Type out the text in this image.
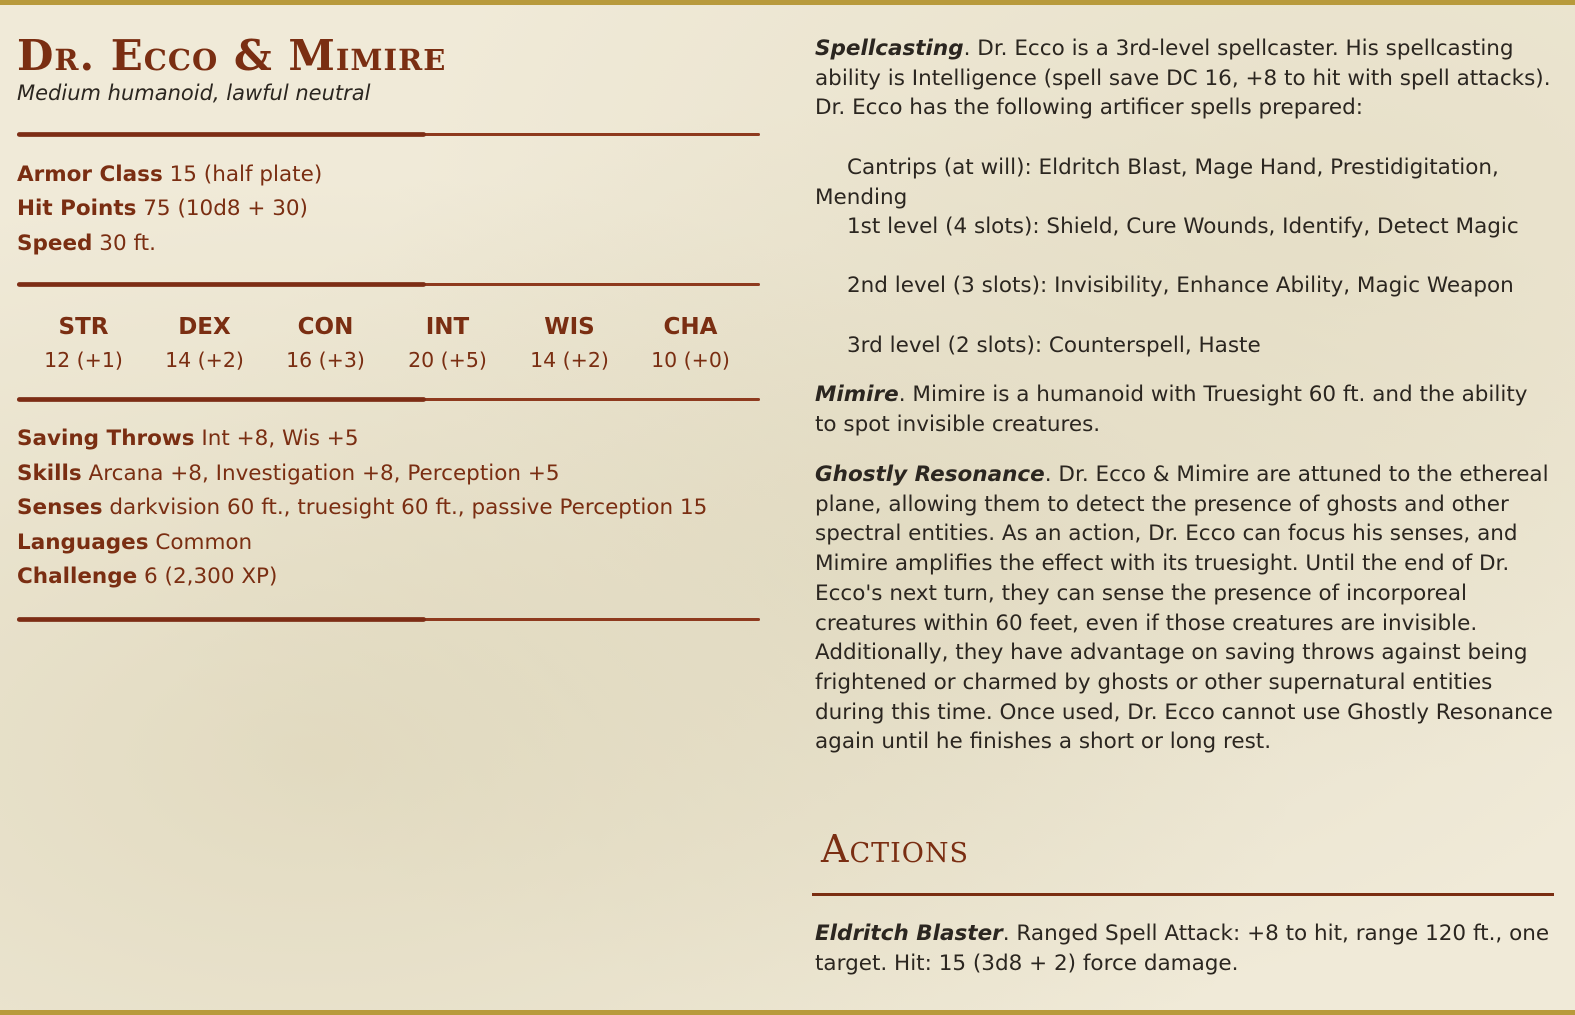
Dr. Ecco & Mimire
Medium humanoid, lawful neutral
Armor Class 15 (half plate)
Hit Points 75 (10d8 + 30)
Speed 30 ft.
STR
12 (+1)
DEX
14 (+2)
CON
16 (+3)
INT
20 (+5)
WIS
14 (+2)
CHA
10 (+0)
Saving Throws Int +8, Wis +5
Skills Arcana +8, Investigation +8, Perception +5
Senses darkvision 60 ft., truesight 60 ft., passive Perception 15
Languages Common
Challenge 6 (2,300 XP)
Spellcasting. Dr. Ecco is a 3rd-level spellcaster. His spellcasting ability is Intelligence (spell save DC 16, +8 to hit with spell attacks). Dr. Ecco has the following artificer spells prepared:
Cantrips (at will): Eldritch Blast, Mage Hand, Prestidigitation, Mending
1st level (4 slots): Shield, Cure Wounds, Identify, Detect Magic
2nd level (3 slots): Invisibility, Enhance Ability, Magic Weapon
3rd level (2 slots): Counterspell, Haste
Mimire. Mimire is a humanoid with Truesight 60 ft. and the ability to spot invisible creatures.
Ghostly Resonance. Dr. Ecco & Mimire are attuned to the ethereal plane, allowing them to detect the presence of ghosts and other spectral entities. As an action, Dr. Ecco can focus his senses, and Mimire amplifies the effect with its truesight. Until the end of Dr. Ecco's next turn, they can sense the presence of incorporeal creatures within 60 feet, even if those creatures are invisible. Additionally, they have advantage on saving throws against being frightened or charmed by ghosts or other supernatural entities during this time. Once used, Dr. Ecco cannot use Ghostly Resonance again until he finishes a short or long rest.
Actions
Eldritch Blaster. Ranged Spell Attack: +8 to hit, range 120 ft., one target. Hit: 15 (3d8 + 2) force damage.
